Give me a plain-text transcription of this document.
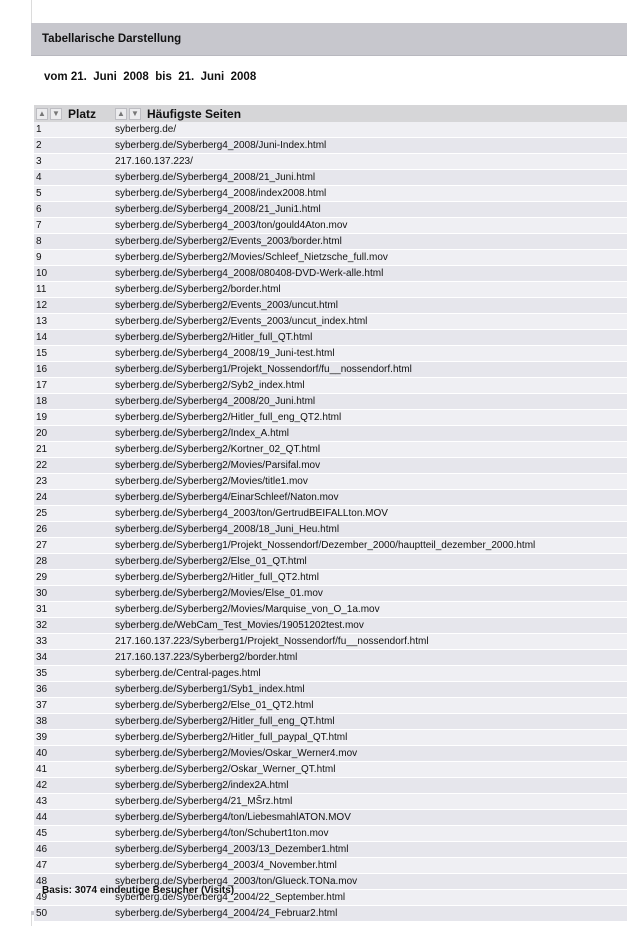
Tabellarische Darstellung
vom 21.  Juni  2008  bis  21.  Juni  2008
▲ ▼ Platz	▲ ▼ Häufigste Seiten
1	syberberg.de/
2	syberberg.de/Syberberg4_2008/Juni-Index.html
3	217.160.137.223/
4	syberberg.de/Syberberg4_2008/21_Juni.html
5	syberberg.de/Syberberg4_2008/index2008.html
6	syberberg.de/Syberberg4_2008/21_Juni1.html
7	syberberg.de/Syberberg4_2003/ton/gould4Aton.mov
8	syberberg.de/Syberberg2/Events_2003/border.html
9	syberberg.de/Syberberg2/Movies/Schleef_Nietzsche_full.mov
10	syberberg.de/Syberberg4_2008/080408-DVD-Werk-alle.html
11	syberberg.de/Syberberg2/border.html
12	syberberg.de/Syberberg2/Events_2003/uncut.html
13	syberberg.de/Syberberg2/Events_2003/uncut_index.html
14	syberberg.de/Syberberg2/Hitler_full_QT.html
15	syberberg.de/Syberberg4_2008/19_Juni-test.html
16	syberberg.de/Syberberg1/Projekt_Nossendorf/fu__nossendorf.html
17	syberberg.de/Syberberg2/Syb2_index.html
18	syberberg.de/Syberberg4_2008/20_Juni.html
19	syberberg.de/Syberberg2/Hitler_full_eng_QT2.html
20	syberberg.de/Syberberg2/Index_A.html
21	syberberg.de/Syberberg2/Kortner_02_QT.html
22	syberberg.de/Syberberg2/Movies/Parsifal.mov
23	syberberg.de/Syberberg2/Movies/title1.mov
24	syberberg.de/Syberberg4/EinarSchleef/Naton.mov
25	syberberg.de/Syberberg4_2003/ton/GertrudBEIFALLton.MOV
26	syberberg.de/Syberberg4_2008/18_Juni_Heu.html
27	syberberg.de/Syberberg1/Projekt_Nossendorf/Dezember_2000/hauptteil_dezember_2000.html
28	syberberg.de/Syberberg2/Else_01_QT.html
29	syberberg.de/Syberberg2/Hitler_full_QT2.html
30	syberberg.de/Syberberg2/Movies/Else_01.mov
31	syberberg.de/Syberberg2/Movies/Marquise_von_O_1a.mov
32	syberberg.de/WebCam_Test_Movies/19051202test.mov
33	217.160.137.223/Syberberg1/Projekt_Nossendorf/fu__nossendorf.html
34	217.160.137.223/Syberberg2/border.html
35	syberberg.de/Central-pages.html
36	syberberg.de/Syberberg1/Syb1_index.html
37	syberberg.de/Syberberg2/Else_01_QT2.html
38	syberberg.de/Syberberg2/Hitler_full_eng_QT.html
39	syberberg.de/Syberberg2/Hitler_full_paypal_QT.html
40	syberberg.de/Syberberg2/Movies/Oskar_Werner4.mov
41	syberberg.de/Syberberg2/Oskar_Werner_QT.html
42	syberberg.de/Syberberg2/index2A.html
43	syberberg.de/Syberberg4/21_MŠrz.html
44	syberberg.de/Syberberg4/ton/LiebesmahlATON.MOV
45	syberberg.de/Syberberg4/ton/Schubert1ton.mov
46	syberberg.de/Syberberg4_2003/13_Dezember1.html
47	syberberg.de/Syberberg4_2003/4_November.html
48	syberberg.de/Syberberg4_2003/ton/Glueck.TONa.mov
49	syberberg.de/Syberberg4_2004/22_September.html
50	syberberg.de/Syberberg4_2004/24_Februar2.html
Basis: 3074 eindeutige Besucher (Visits)
